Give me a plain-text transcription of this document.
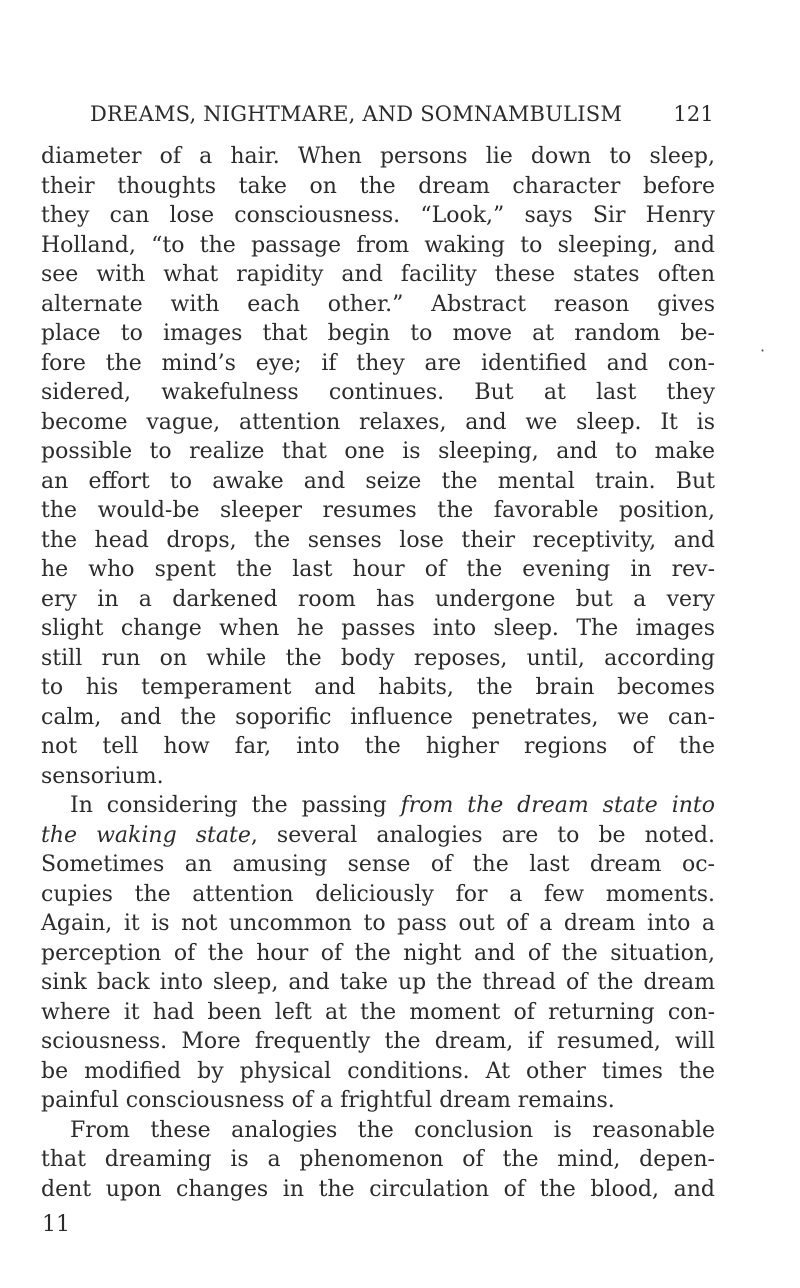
DREAMS, NIGHTMARE, AND SOMNAMBULISM 121
·
diameter of a hair. When persons lie down to sleep,
their thoughts take on the dream character before
they can lose consciousness. “Look,” says Sir Henry
Holland, “to the passage from waking to sleeping, and
see with what rapidity and facility these states often
alternate with each other.” Abstract reason gives
place to images that begin to move at random be-
fore the mind’s eye; if they are identified and con-
sidered, wakefulness continues. But at last they
become vague, attention relaxes, and we sleep. It is
possible to realize that one is sleeping, and to make
an effort to awake and seize the mental train. But
the would-be sleeper resumes the favorable position,
the head drops, the senses lose their receptivity, and
he who spent the last hour of the evening in rev-
ery in a darkened room has undergone but a very
slight change when he passes into sleep. The images
still run on while the body reposes, until, according
to his temperament and habits, the brain becomes
calm, and the soporific influence penetrates, we can-
not tell how far, into the higher regions of the
sensorium.
In considering the passing from the dream state into
the waking state, several analogies are to be noted.
Sometimes an amusing sense of the last dream oc-
cupies the attention deliciously for a few moments.
Again, it is not uncommon to pass out of a dream into a
perception of the hour of the night and of the situation,
sink back into sleep, and take up the thread of the dream
where it had been left at the moment of returning con-
sciousness. More frequently the dream, if resumed, will
be modified by physical conditions. At other times the
painful consciousness of a frightful dream remains.
From these analogies the conclusion is reasonable
that dreaming is a phenomenon of the mind, depen-
dent upon changes in the circulation of the blood, and
11
